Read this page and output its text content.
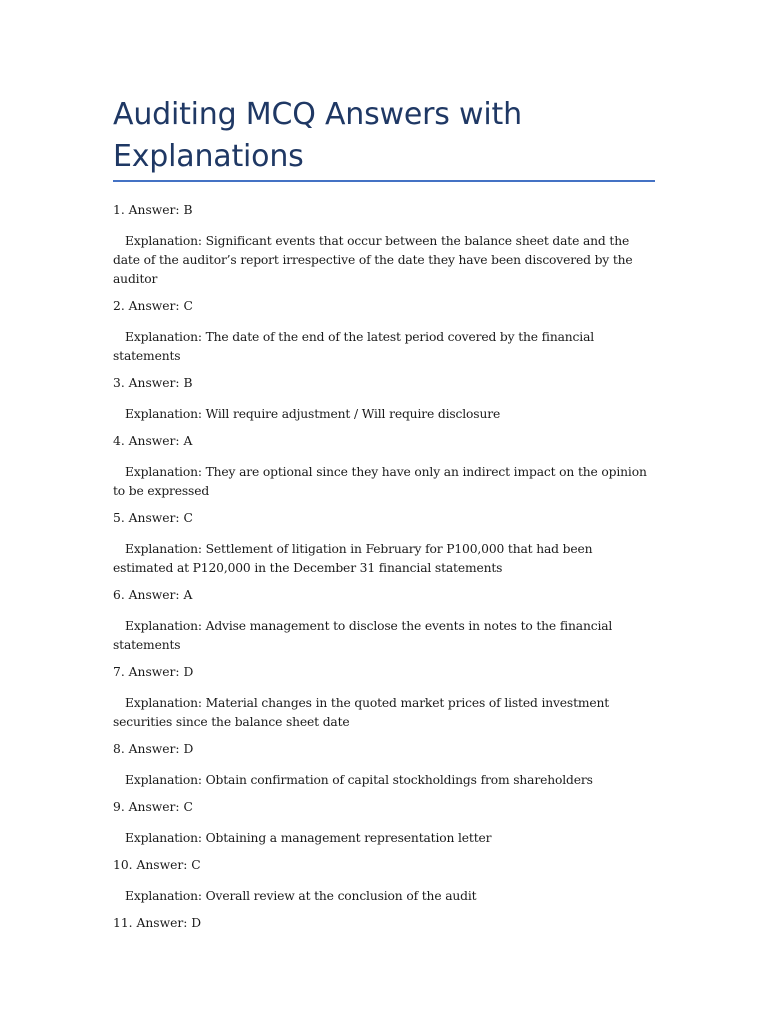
Auditing MCQ Answers with Explanations

1. Answer: B

Explanation: Significant events that occur between the balance sheet date and the date of the auditor’s report irrespective of the date they have been discovered by the auditor

2. Answer: C

Explanation: The date of the end of the latest period covered by the financial statements

3. Answer: B

Explanation: Will require adjustment / Will require disclosure

4. Answer: A

Explanation: They are optional since they have only an indirect impact on the opinion to be expressed

5. Answer: C

Explanation: Settlement of litigation in February for P100,000 that had been estimated at P120,000 in the December 31 financial statements

6. Answer: A

Explanation: Advise management to disclose the events in notes to the financial statements

7. Answer: D

Explanation: Material changes in the quoted market prices of listed investment securities since the balance sheet date

8. Answer: D

Explanation: Obtain confirmation of capital stockholdings from shareholders

9. Answer: C

Explanation: Obtaining a management representation letter

10. Answer: C

Explanation: Overall review at the conclusion of the audit

11. Answer: D
